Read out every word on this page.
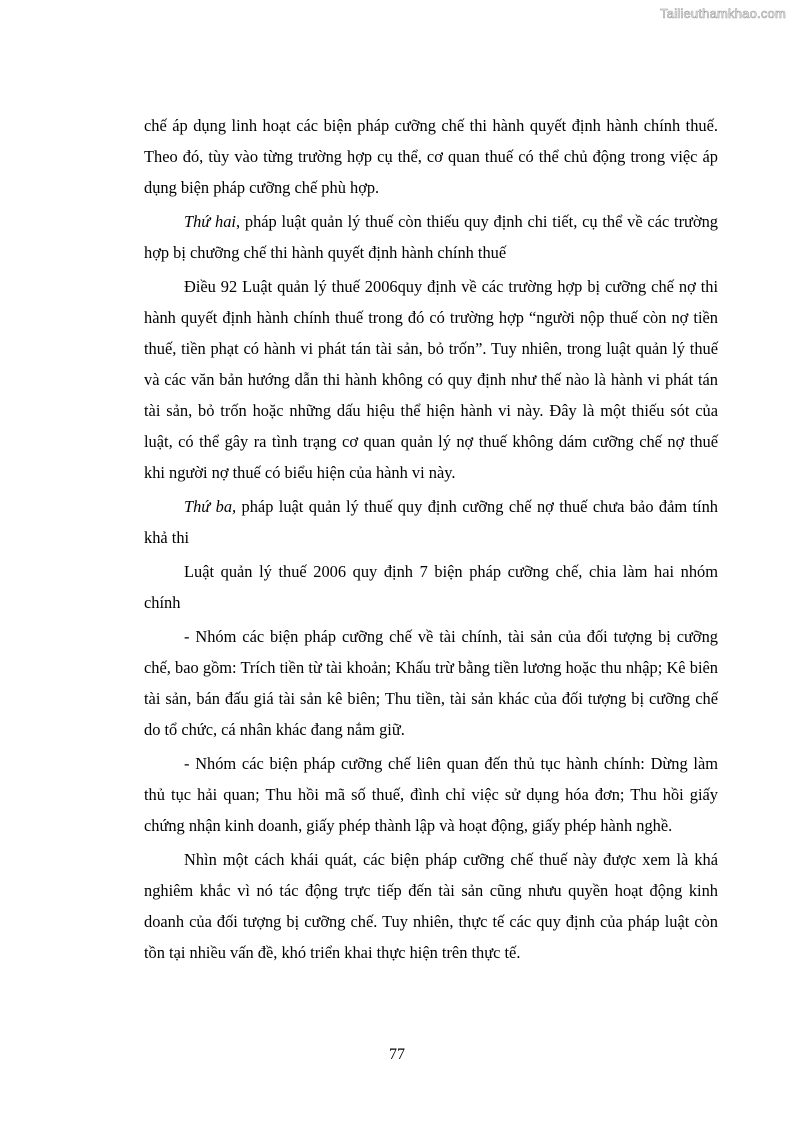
Tailieuthamkhao.com

chế áp dụng linh hoạt các biện pháp cưỡng chế thi hành quyết định hành chính thuế. Theo đó, tùy vào từng trường hợp cụ thể, cơ quan thuế có thể chủ động trong việc áp dụng biện pháp cưỡng chế phù hợp.

Thứ hai, pháp luật quản lý thuế còn thiếu quy định chi tiết, cụ thể về các trường hợp bị chưỡng chế thi hành quyết định hành chính thuế

Điều 92 Luật quản lý thuế 2006quy định về các trường hợp bị cưỡng chế nợ thi hành quyết định hành chính thuế trong đó có trường hợp “người nộp thuế còn nợ tiền thuế, tiền phạt có hành vi phát tán tài sản, bỏ trốn”. Tuy nhiên, trong luật quản lý thuế và các văn bản hướng dẫn thi hành không có quy định như thế nào là hành vi phát tán tài sản, bỏ trốn hoặc những dấu hiệu thể hiện hành vi này. Đây là một thiếu sót của luật, có thể gây ra tình trạng cơ quan quản lý nợ thuế không dám cưỡng chế nợ thuế khi người nợ thuế có biểu hiện của hành vi này.

Thứ ba, pháp luật quản lý thuế quy định cưỡng chế nợ thuế chưa bảo đảm tính khả thi

Luật quản lý thuế 2006 quy định 7 biện pháp cưỡng chế, chia làm hai nhóm chính

- Nhóm các biện pháp cưỡng chế về tài chính, tài sản của đối tượng bị cưỡng chế, bao gồm: Trích tiền từ tài khoản; Khấu trừ bằng tiền lương hoặc thu nhập; Kê biên tài sản, bán đấu giá tài sản kê biên; Thu tiền, tài sản khác của đối tượng bị cưỡng chế do tổ chức, cá nhân khác đang nắm giữ.

- Nhóm các biện pháp cưỡng chế liên quan đến thủ tục hành chính: Dừng làm thủ tục hải quan; Thu hồi mã số thuế, đình chỉ việc sử dụng hóa đơn; Thu hồi giấy chứng nhận kinh doanh, giấy phép thành lập và hoạt động, giấy phép hành nghề.

Nhìn một cách khái quát, các biện pháp cưỡng chế thuế này được xem là khá nghiêm khắc vì nó tác động trực tiếp đến tài sản cũng nhưu quyền hoạt động kinh doanh của đối tượng bị cưỡng chế. Tuy nhiên, thực tế các quy định của pháp luật còn tồn tại nhiều vấn đề, khó triển khai thực hiện trên thực tế.

77
